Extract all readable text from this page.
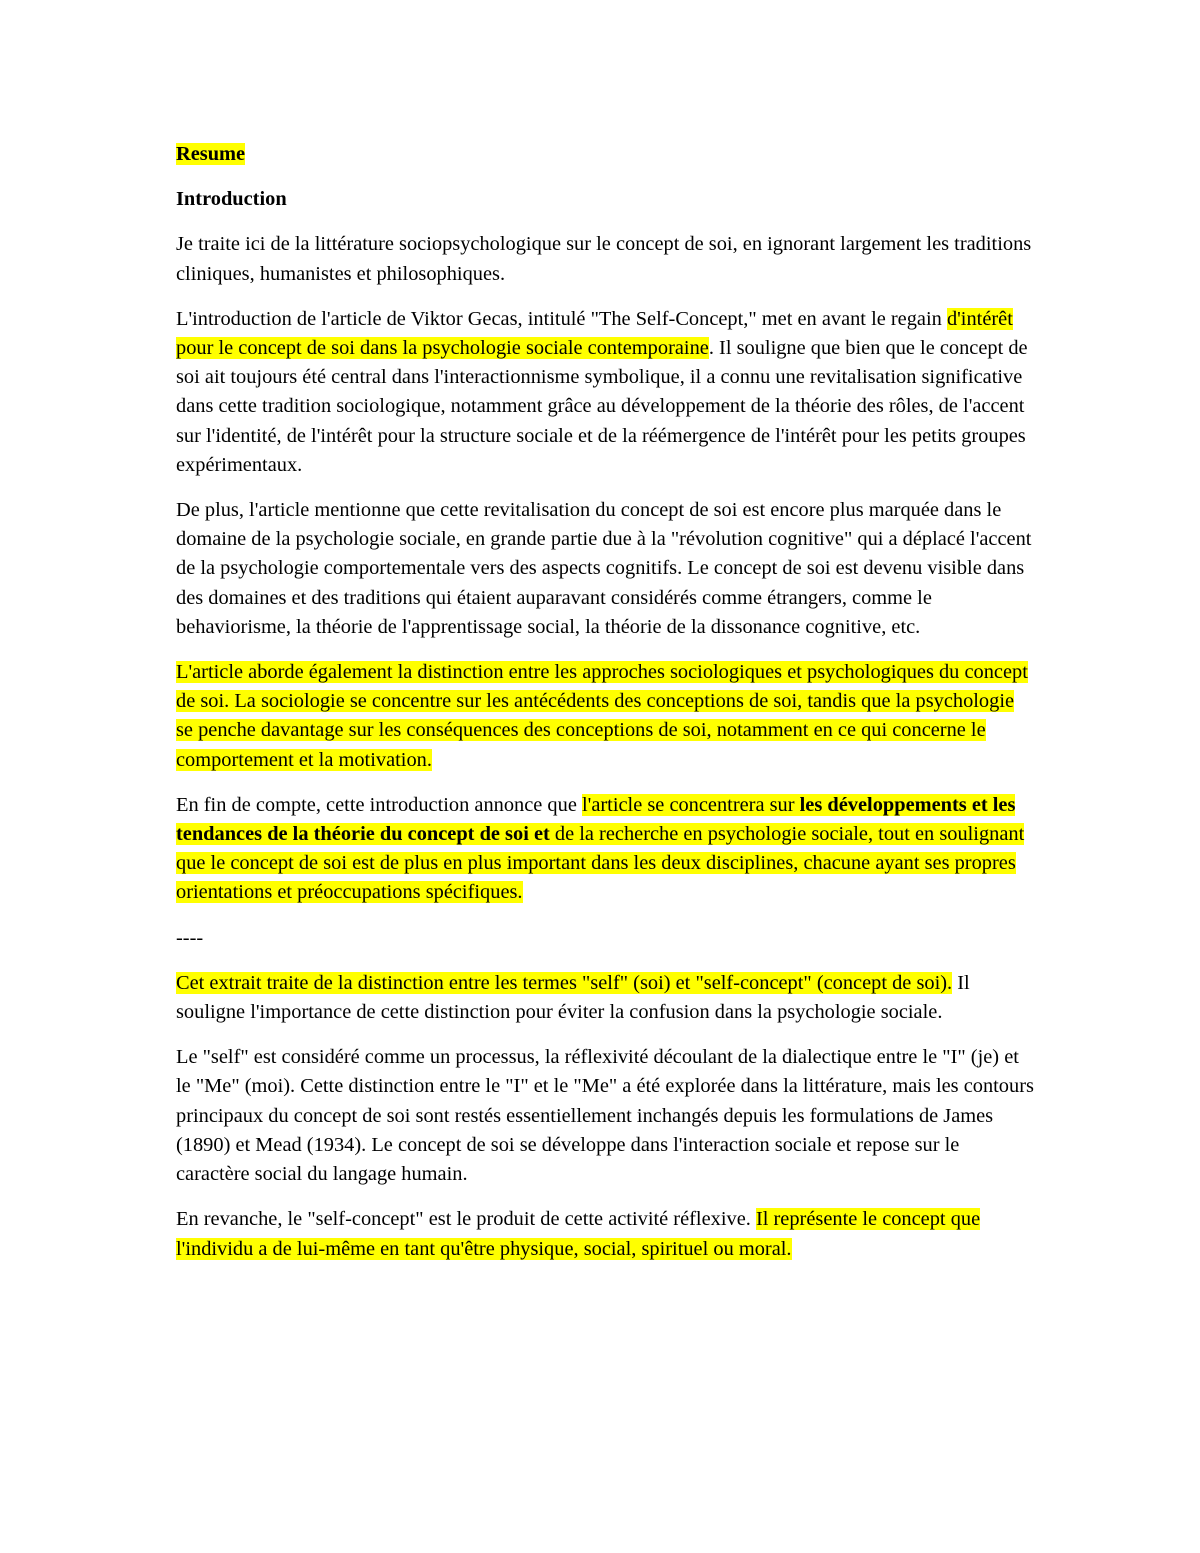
Resume

Introduction

Je traite ici de la littérature sociopsychologique sur le concept de soi, en ignorant largement les traditions cliniques, humanistes et philosophiques.

L'introduction de l'article de Viktor Gecas, intitulé "The Self-Concept," met en avant le regain d'intérêt pour le concept de soi dans la psychologie sociale contemporaine. Il souligne que bien que le concept de soi ait toujours été central dans l'interactionnisme symbolique, il a connu une revitalisation significative dans cette tradition sociologique, notamment grâce au développement de la théorie des rôles, de l'accent sur l'identité, de l'intérêt pour la structure sociale et de la réémergence de l'intérêt pour les petits groupes expérimentaux.

De plus, l'article mentionne que cette revitalisation du concept de soi est encore plus marquée dans le domaine de la psychologie sociale, en grande partie due à la "révolution cognitive" qui a déplacé l'accent de la psychologie comportementale vers des aspects cognitifs. Le concept de soi est devenu visible dans des domaines et des traditions qui étaient auparavant considérés comme étrangers, comme le behaviorisme, la théorie de l'apprentissage social, la théorie de la dissonance cognitive, etc.

L'article aborde également la distinction entre les approches sociologiques et psychologiques du concept de soi. La sociologie se concentre sur les antécédents des conceptions de soi, tandis que la psychologie se penche davantage sur les conséquences des conceptions de soi, notamment en ce qui concerne le comportement et la motivation.

En fin de compte, cette introduction annonce que l'article se concentrera sur les développements et les tendances de la théorie du concept de soi et de la recherche en psychologie sociale, tout en soulignant que le concept de soi est de plus en plus important dans les deux disciplines, chacune ayant ses propres orientations et préoccupations spécifiques.

----

Cet extrait traite de la distinction entre les termes "self" (soi) et "self-concept" (concept de soi). Il souligne l'importance de cette distinction pour éviter la confusion dans la psychologie sociale.

Le "self" est considéré comme un processus, la réflexivité découlant de la dialectique entre le "I" (je) et le "Me" (moi). Cette distinction entre le "I" et le "Me" a été explorée dans la littérature, mais les contours principaux du concept de soi sont restés essentiellement inchangés depuis les formulations de James (1890) et Mead (1934). Le concept de soi se développe dans l'interaction sociale et repose sur le caractère social du langage humain.

En revanche, le "self-concept" est le produit de cette activité réflexive. Il représente le concept que l'individu a de lui-même en tant qu'être physique, social, spirituel ou moral.
